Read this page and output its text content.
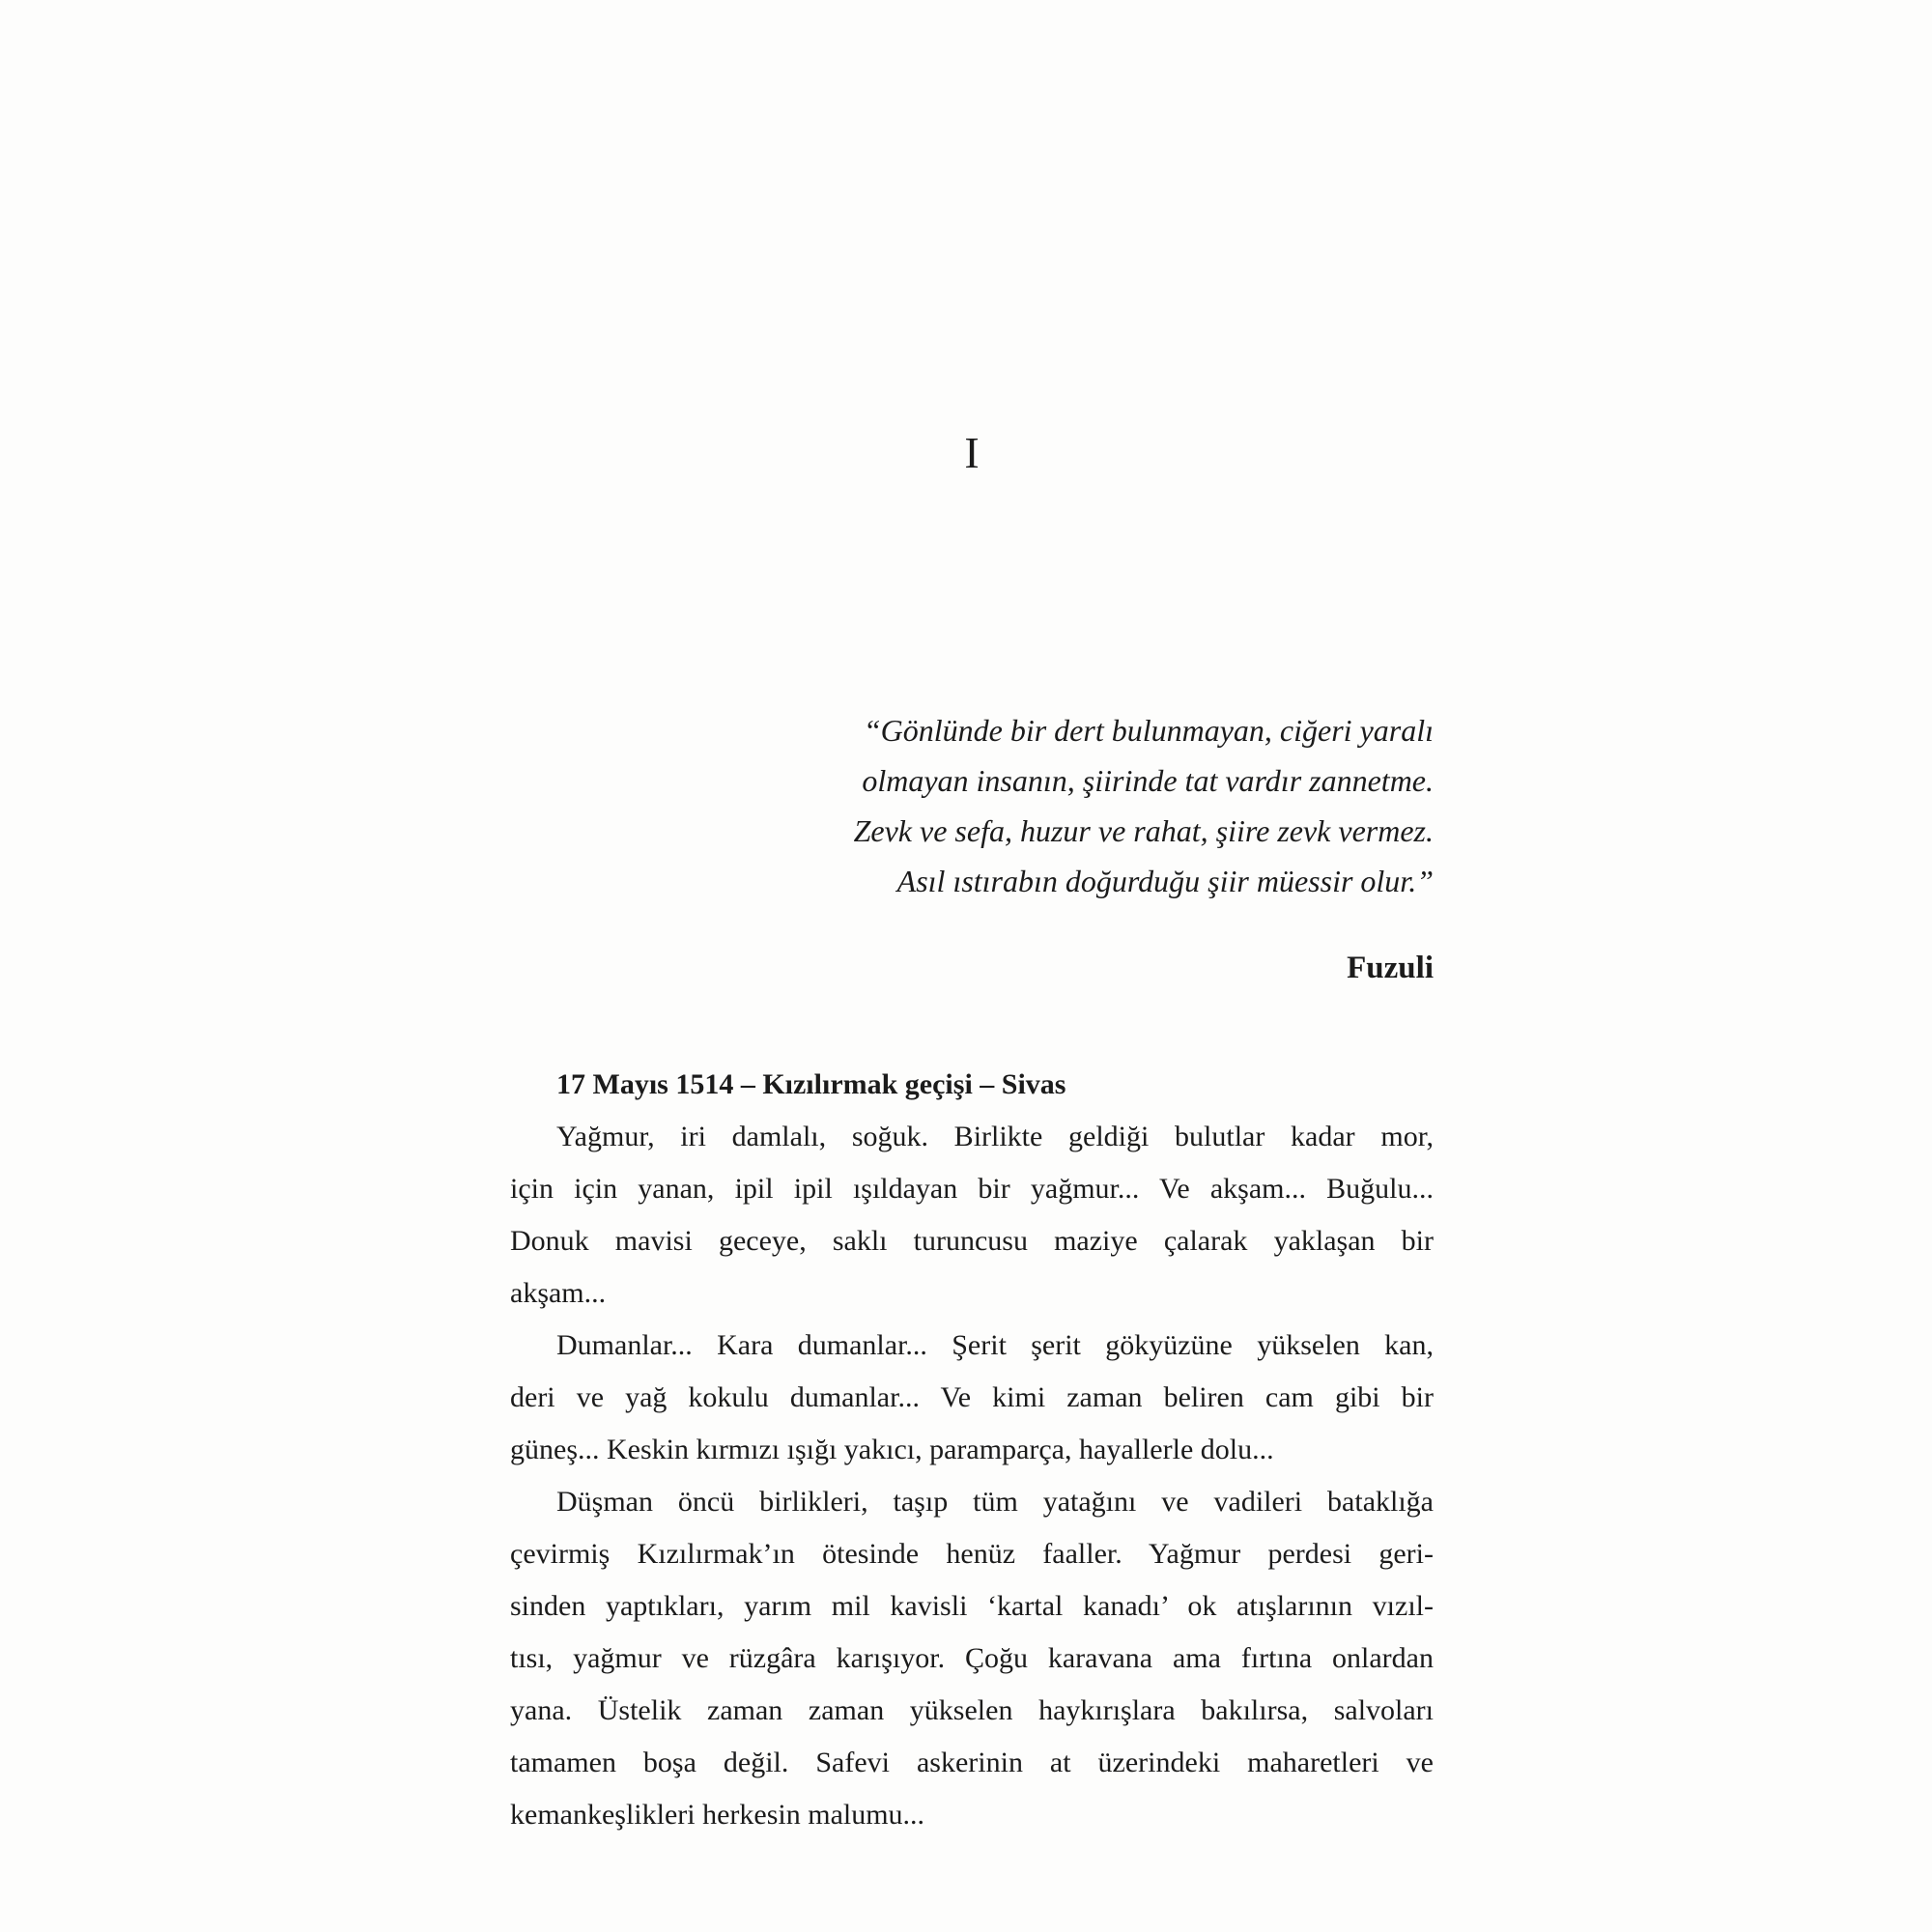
I
“Gönlünde bir dert bulunmayan, ciğeri yaralı
olmayan insanın, şiirinde tat vardır zannetme.
Zevk ve sefa, huzur ve rahat, şiire zevk vermez.
Asıl ıstırabın doğurduğu şiir müessir olur.”
Fuzuli
17 Mayıs 1514 – Kızılırmak geçişi – Sivas
Yağmur, iri damlalı, soğuk. Birlikte geldiği bulutlar kadar mor,
için için yanan, ipil ipil ışıldayan bir yağmur... Ve akşam... Buğulu...
Donuk mavisi geceye, saklı turuncusu maziye çalarak yaklaşan bir
akşam...
Dumanlar... Kara dumanlar... Şerit şerit gökyüzüne yükselen kan,
deri ve yağ kokulu dumanlar... Ve kimi zaman beliren cam gibi bir
güneş... Keskin kırmızı ışığı yakıcı, paramparça, hayallerle dolu...
Düşman öncü birlikleri, taşıp tüm yatağını ve vadileri bataklığa
çevirmiş Kızılırmak’ın ötesinde henüz faaller. Yağmur perdesi geri-
sinden yaptıkları, yarım mil kavisli ‘kartal kanadı’ ok atışlarının vızıl-
tısı, yağmur ve rüzgâra karışıyor. Çoğu karavana ama fırtına onlardan
yana. Üstelik zaman zaman yükselen haykırışlara bakılırsa, salvoları
tamamen boşa değil. Safevi askerinin at üzerindeki maharetleri ve
kemankeşlikleri herkesin malumu...
